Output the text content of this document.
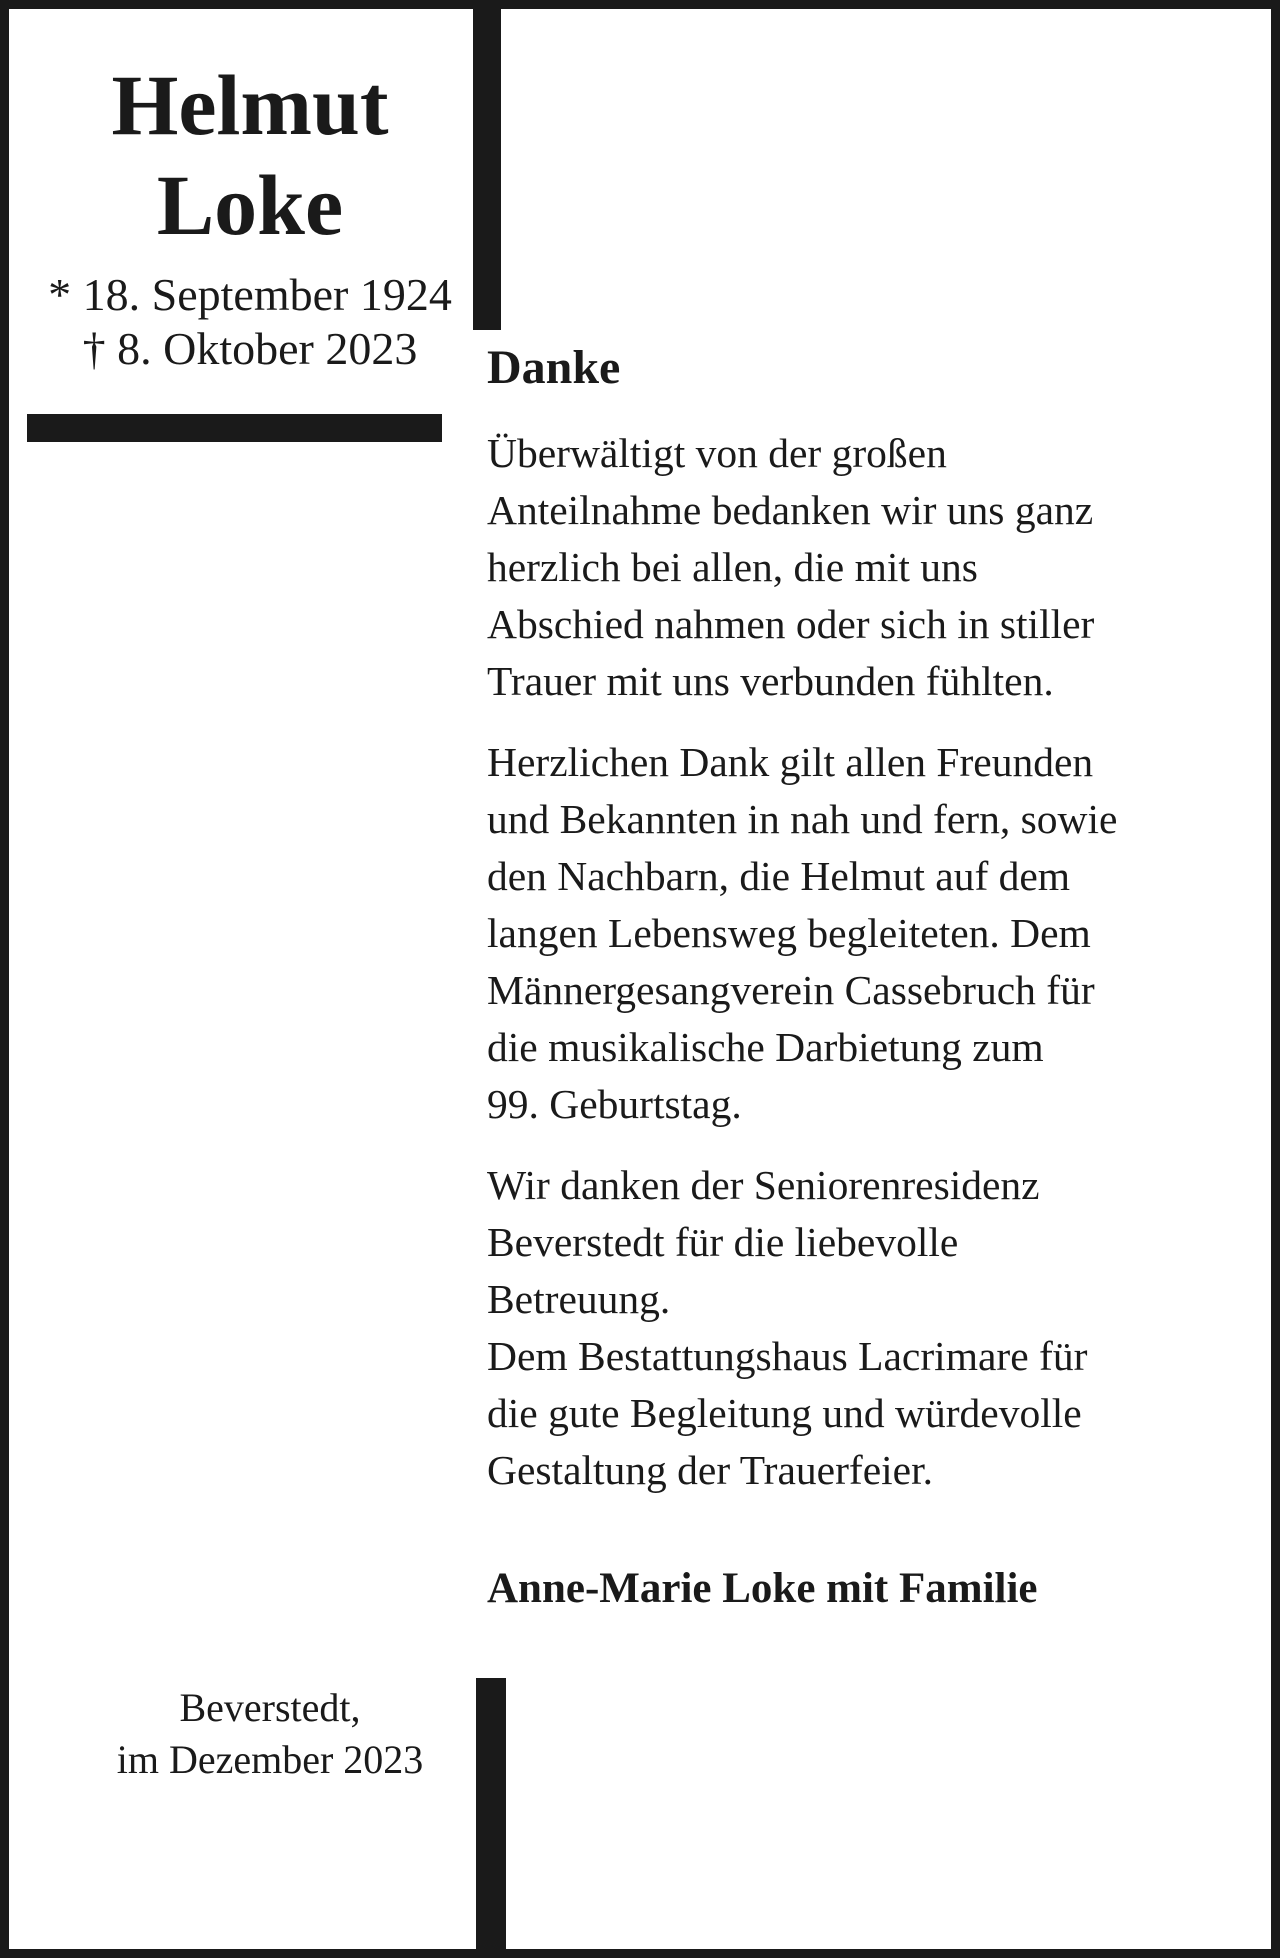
Helmut
Loke
* 18. September 1924
† 8. Oktober 2023	Danke
Überwältigt von der großen
Anteilnahme bedanken wir uns ganz
herzlich bei allen, die mit uns
Abschied nahmen oder sich in stiller
Trauer mit uns verbunden fühlten.
Herzlichen Dank gilt allen Freunden
und Bekannten in nah und fern, sowie
den Nachbarn, die Helmut auf dem
langen Lebensweg begleiteten. Dem
Männergesangverein Cassebruch für
die musikalische Darbietung zum
99. Geburtstag.
Wir danken der Seniorenresidenz
Beverstedt für die liebevolle
Betreuung.
Dem Bestattungshaus Lacrimare für
die gute Begleitung und würdevolle
Gestaltung der Trauerfeier.
Anne-Marie Loke mit Familie
Beverstedt,
im Dezember 2023
